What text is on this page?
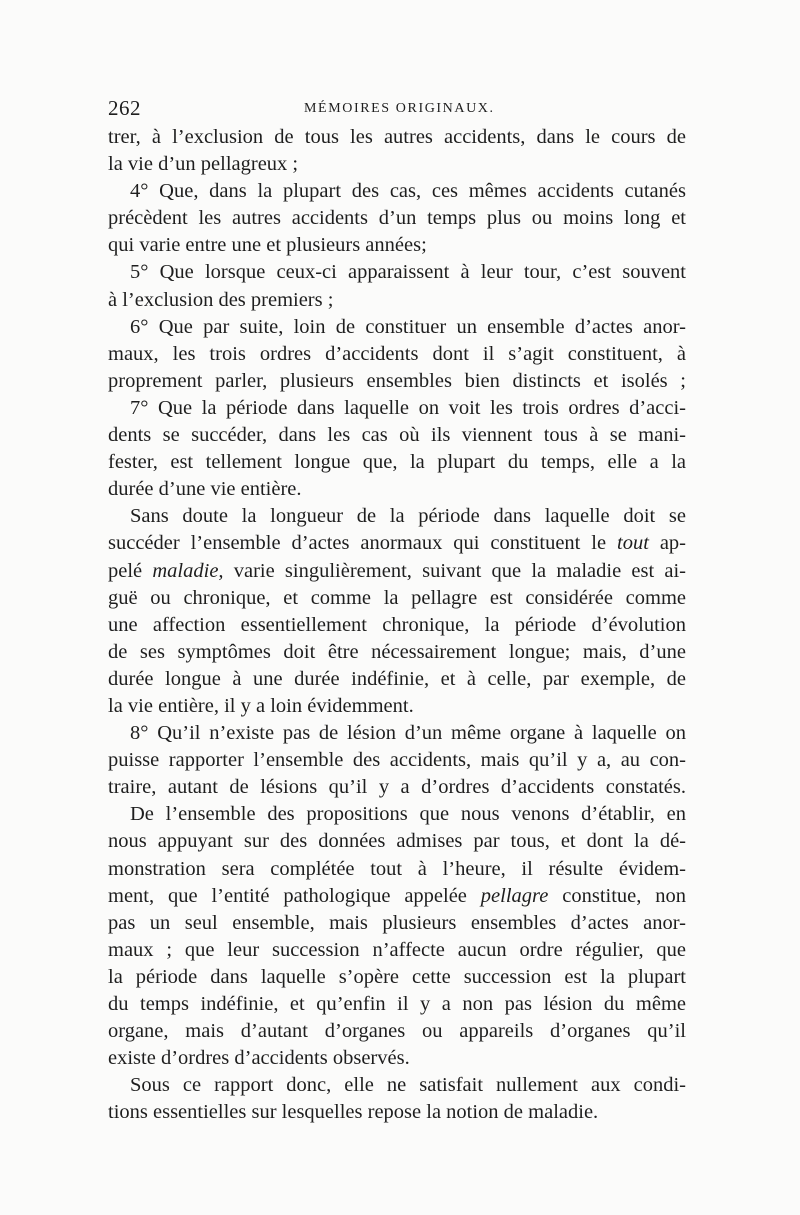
262	MÉMOIRES ORIGINAUX.
trer, à l’exclusion de tous les autres accidents, dans le cours de
la vie d’un pellagreux ;
4° Que, dans la plupart des cas, ces mêmes accidents cutanés
précèdent les autres accidents d’un temps plus ou moins long et
qui varie entre une et plusieurs années;
5° Que lorsque ceux-ci apparaissent à leur tour, c’est souvent
à l’exclusion des premiers ;
6° Que par suite, loin de constituer un ensemble d’actes anor-
maux, les trois ordres d’accidents dont il s’agit constituent, à
proprement parler, plusieurs ensembles bien distincts et isolés ;
7° Que la période dans laquelle on voit les trois ordres d’acci-
dents se succéder, dans les cas où ils viennent tous à se mani-
fester, est tellement longue que, la plupart du temps, elle a la
durée d’une vie entière.
Sans doute la longueur de la période dans laquelle doit se
succéder l’ensemble d’actes anormaux qui constituent le tout ap-
pelé maladie, varie singulièrement, suivant que la maladie est ai-
guë ou chronique, et comme la pellagre est considérée comme
une affection essentiellement chronique, la période d’évolution
de ses symptômes doit être nécessairement longue; mais, d’une
durée longue à une durée indéfinie, et à celle, par exemple, de
la vie entière, il y a loin évidemment.
8° Qu’il n’existe pas de lésion d’un même organe à laquelle on
puisse rapporter l’ensemble des accidents, mais qu’il y a, au con-
traire, autant de lésions qu’il y a d’ordres d’accidents constatés.
De l’ensemble des propositions que nous venons d’établir, en
nous appuyant sur des données admises par tous, et dont la dé-
monstration sera complétée tout à l’heure, il résulte évidem-
ment, que l’entité pathologique appelée pellagre constitue, non
pas un seul ensemble, mais plusieurs ensembles d’actes anor-
maux ; que leur succession n’affecte aucun ordre régulier, que
la période dans laquelle s’opère cette succession est la plupart
du temps indéfinie, et qu’enfin il y a non pas lésion du même
organe, mais d’autant d’organes ou appareils d’organes qu’il
existe d’ordres d’accidents observés.
Sous ce rapport donc, elle ne satisfait nullement aux condi-
tions essentielles sur lesquelles repose la notion de maladie.
